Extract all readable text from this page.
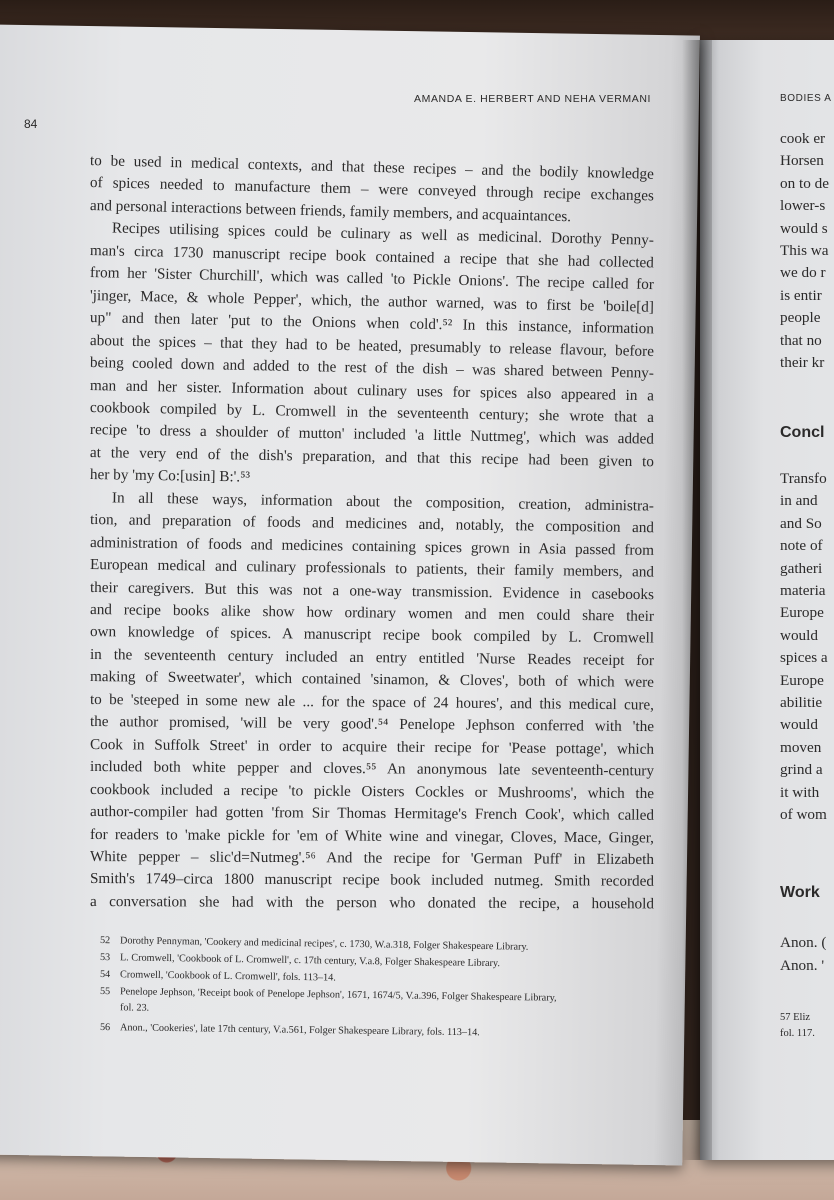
84
AMANDA E. HERBERT AND NEHA VERMANI
to be used in medical contexts, and that these recipes – and the bodily knowledge
of spices needed to manufacture them – were conveyed through recipe exchanges
and personal interactions between friends, family members, and acquaintances.
Recipes utilising spices could be culinary as well as medicinal. Dorothy Penny-
man's circa 1730 manuscript recipe book contained a recipe that she had collected
from her 'Sister Churchill', which was called 'to Pickle Onions'. The recipe called for
'jinger, Mace, & whole Pepper', which, the author warned, was to first be 'boile[d]
up" and then later 'put to the Onions when cold'.⁵² In this instance, information
about the spices – that they had to be heated, presumably to release flavour, before
being cooled down and added to the rest of the dish – was shared between Penny-
man and her sister. Information about culinary uses for spices also appeared in a
cookbook compiled by L. Cromwell in the seventeenth century; she wrote that a
recipe 'to dress a shoulder of mutton' included 'a little Nuttmeg', which was added
at the very end of the dish's preparation, and that this recipe had been given to
her by 'my Co:[usin] B:'.⁵³
In all these ways, information about the composition, creation, administra-
tion, and preparation of foods and medicines and, notably, the composition and
administration of foods and medicines containing spices grown in Asia passed from
European medical and culinary professionals to patients, their family members, and
their caregivers. But this was not a one-way transmission. Evidence in casebooks
and recipe books alike show how ordinary women and men could share their
own knowledge of spices. A manuscript recipe book compiled by L. Cromwell
in the seventeenth century included an entry entitled 'Nurse Reades receipt for
making of Sweetwater', which contained 'sinamon, & Cloves', both of which were
to be 'steeped in some new ale ... for the space of 24 houres', and this medical cure,
the author promised, 'will be very good'.⁵⁴ Penelope Jephson conferred with 'the
Cook in Suffolk Street' in order to acquire their recipe for 'Pease pottage', which
included both white pepper and cloves.⁵⁵ An anonymous late seventeenth-century
cookbook included a recipe 'to pickle Oisters Cockles or Mushrooms', which the
author-compiler had gotten 'from Sir Thomas Hermitage's French Cook', which called
for readers to 'make pickle for 'em of White wine and vinegar, Cloves, Mace, Ginger,
White pepper – slic'd=Nutmeg'.⁵⁶ And the recipe for 'German Puff' in Elizabeth
Smith's 1749–circa 1800 manuscript recipe book included nutmeg. Smith recorded
a conversation she had with the person who donated the recipe, a household
52 Dorothy Pennyman, 'Cookery and medicinal recipes', c. 1730, W.a.318, Folger Shakespeare Library.
53 L. Cromwell, 'Cookbook of L. Cromwell', c. 17th century, V.a.8, Folger Shakespeare Library.
54 Cromwell, 'Cookbook of L. Cromwell', fols. 113–14.
55 Penelope Jephson, 'Receipt book of Penelope Jephson', 1671, 1674/5, V.a.396, Folger Shakespeare Library,
fol. 23.
56 Anon., 'Cookeries', late 17th century, V.a.561, Folger Shakespeare Library, fols. 113–14.
BODIES A
Concl
Work
cook er
Horsen
on to de
lower-s
would s
This wa
we do r
is entir
people
that no
their kr
Transfo
in and
and So
note of
gatheri
materia
Europe
would
spices a
Europe
abilitie
would
moven
grind a
it with
of wom
Anon. (
Anon. '
57 Eliz
fol. 117.
